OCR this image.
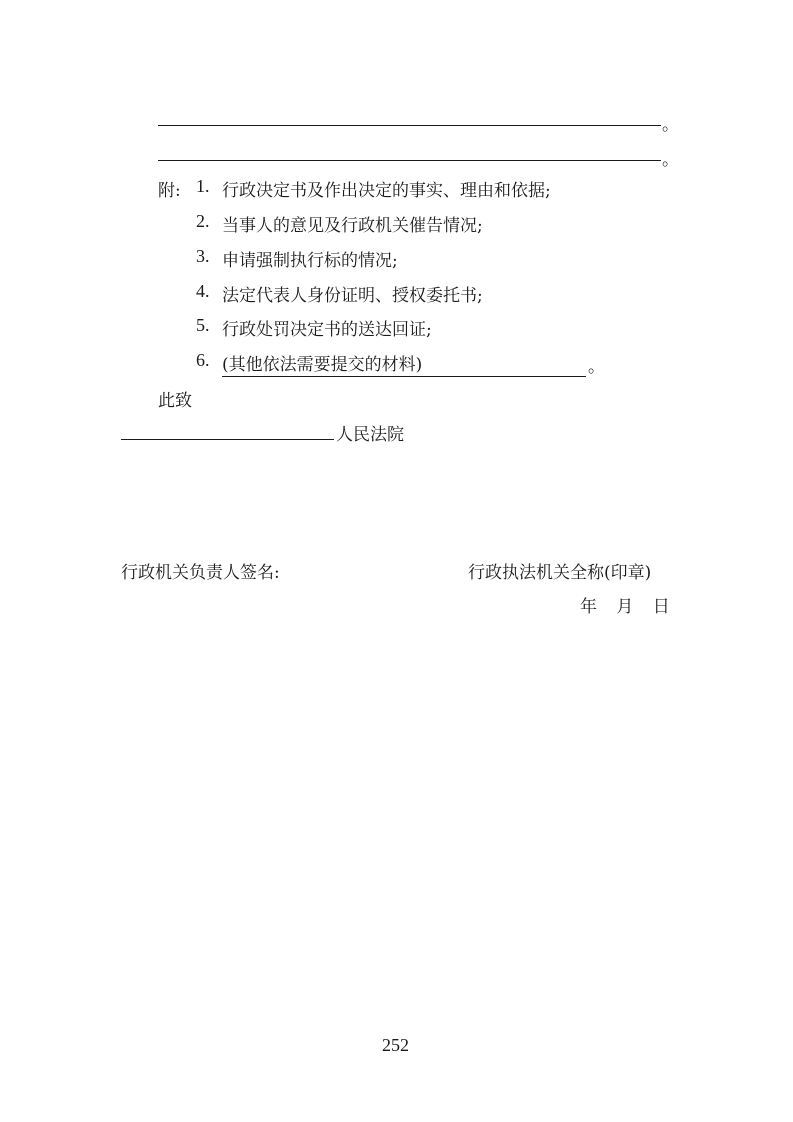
。
。
附: 1. 行政决定书及作出决定的事实、理由和依据;
2. 当事人的意见及行政机关催告情况;
3. 申请强制执行标的情况;
4. 法定代表人身份证明、授权委托书;
5. 行政处罚决定书的送达回证;
6. (其他依法需要提交的材料)	。
此致
人民法院
行政机关负责人签名:	行政执法机关全称(印章)
年 月 日
252
